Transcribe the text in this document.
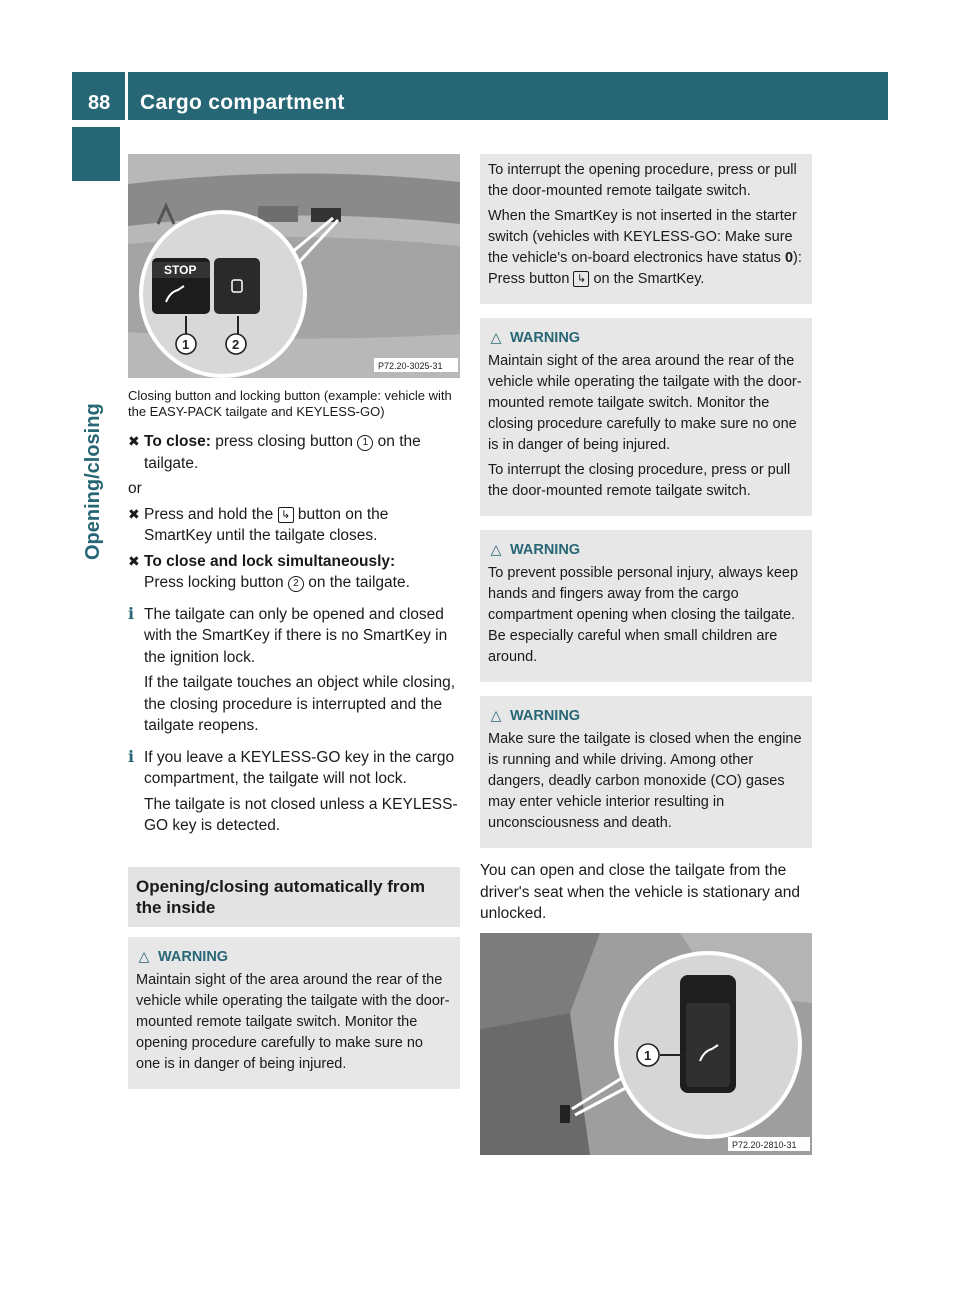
88	Cargo compartment
Opening/closing
STOP
1	2
P72.20-3025-31
Closing button and locking button (example: vehicle with the EASY-PACK tailgate and KEYLESS-GO)
✖ To close: press closing button 1 on the tailgate.

or

✖ Press and hold the ↳ button on the SmartKey until the tailgate closes.
✖ To close and lock simultaneously:
Press locking button 2 on the tailgate.
i The tailgate can only be opened and closed with the SmartKey if there is no SmartKey in the ignition lock.

If the tailgate touches an object while closing, the closing procedure is interrupted and the tailgate reopens.

i If you leave a KEYLESS-GO key in the cargo compartment, the tailgate will not lock.

The tailgate is not closed unless a KEYLESS-GO key is detected.

Opening/closing automatically from the inside
△ WARNING

Maintain sight of the area around the rear of the vehicle while operating the tailgate with the door-mounted remote tailgate switch. Monitor the opening procedure carefully to make sure no one is in danger of being injured.

To interrupt the opening procedure, press or pull the door-mounted remote tailgate switch.

When the SmartKey is not inserted in the starter switch (vehicles with KEYLESS-GO: Make sure the vehicle's on-board electronics have status 0): Press button ↳ on the SmartKey.

△ WARNING

Maintain sight of the area around the rear of the vehicle while operating the tailgate with the door-mounted remote tailgate switch. Monitor the closing procedure carefully to make sure no one is in danger of being injured.

To interrupt the closing procedure, press or pull the door-mounted remote tailgate switch.

△ WARNING

To prevent possible personal injury, always keep hands and fingers away from the cargo compartment opening when closing the tailgate. Be especially careful when small children are around.

△ WARNING

Make sure the tailgate is closed when the engine is running and while driving. Among other dangers, deadly carbon monoxide (CO) gases may enter vehicle interior resulting in unconsciousness and death.

You can open and close the tailgate from the driver's seat when the vehicle is stationary and unlocked.

1
P72.20-2810-31
